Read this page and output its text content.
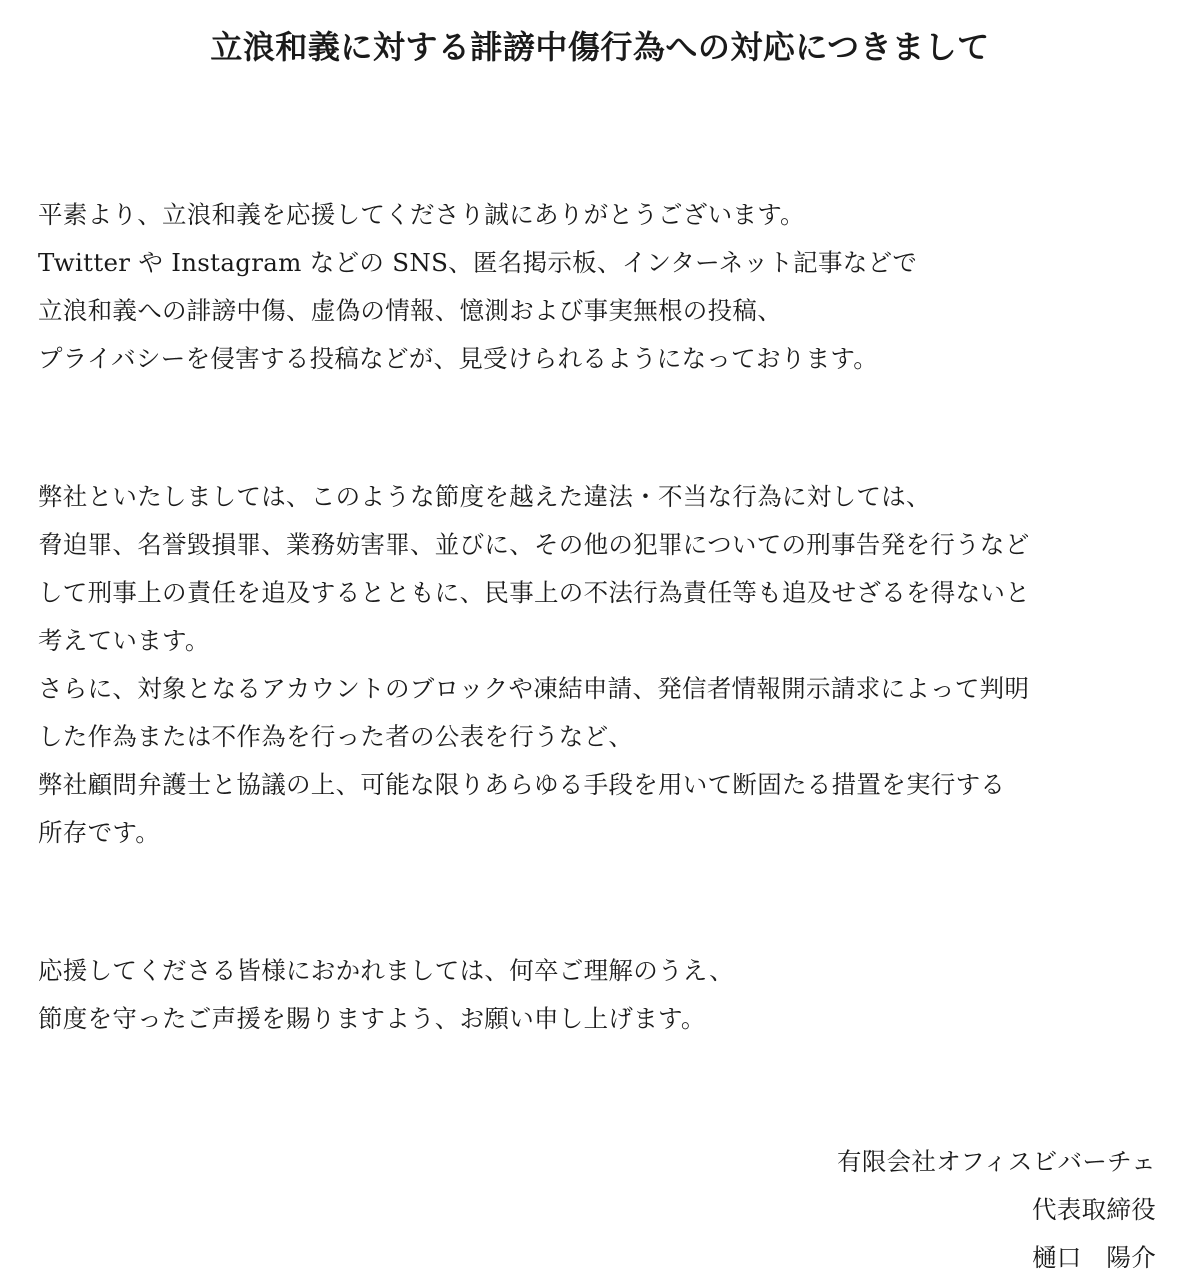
立浪和義に対する誹謗中傷行為への対応につきまして
平素より、立浪和義を応援してくださり誠にありがとうございます。
Twitter や Instagram などの SNS、匿名掲示板、インターネット記事などで
立浪和義への誹謗中傷、虚偽の情報、憶測および事実無根の投稿、
プライバシーを侵害する投稿などが、見受けられるようになっております。
弊社といたしましては、このような節度を越えた違法・不当な行為に対しては、
脅迫罪、名誉毀損罪、業務妨害罪、並びに、その他の犯罪についての刑事告発を行うなど
して刑事上の責任を追及するとともに、民事上の不法行為責任等も追及せざるを得ないと
考えています。
さらに、対象となるアカウントのブロックや凍結申請、発信者情報開示請求によって判明
した作為または不作為を行った者の公表を行うなど、
弊社顧問弁護士と協議の上、可能な限りあらゆる手段を用いて断固たる措置を実行する
所存です。
応援してくださる皆様におかれましては、何卒ご理解のうえ、
節度を守ったご声援を賜りますよう、お願い申し上げます。
有限会社オフィスビバーチェ
代表取締役
樋口　陽介
